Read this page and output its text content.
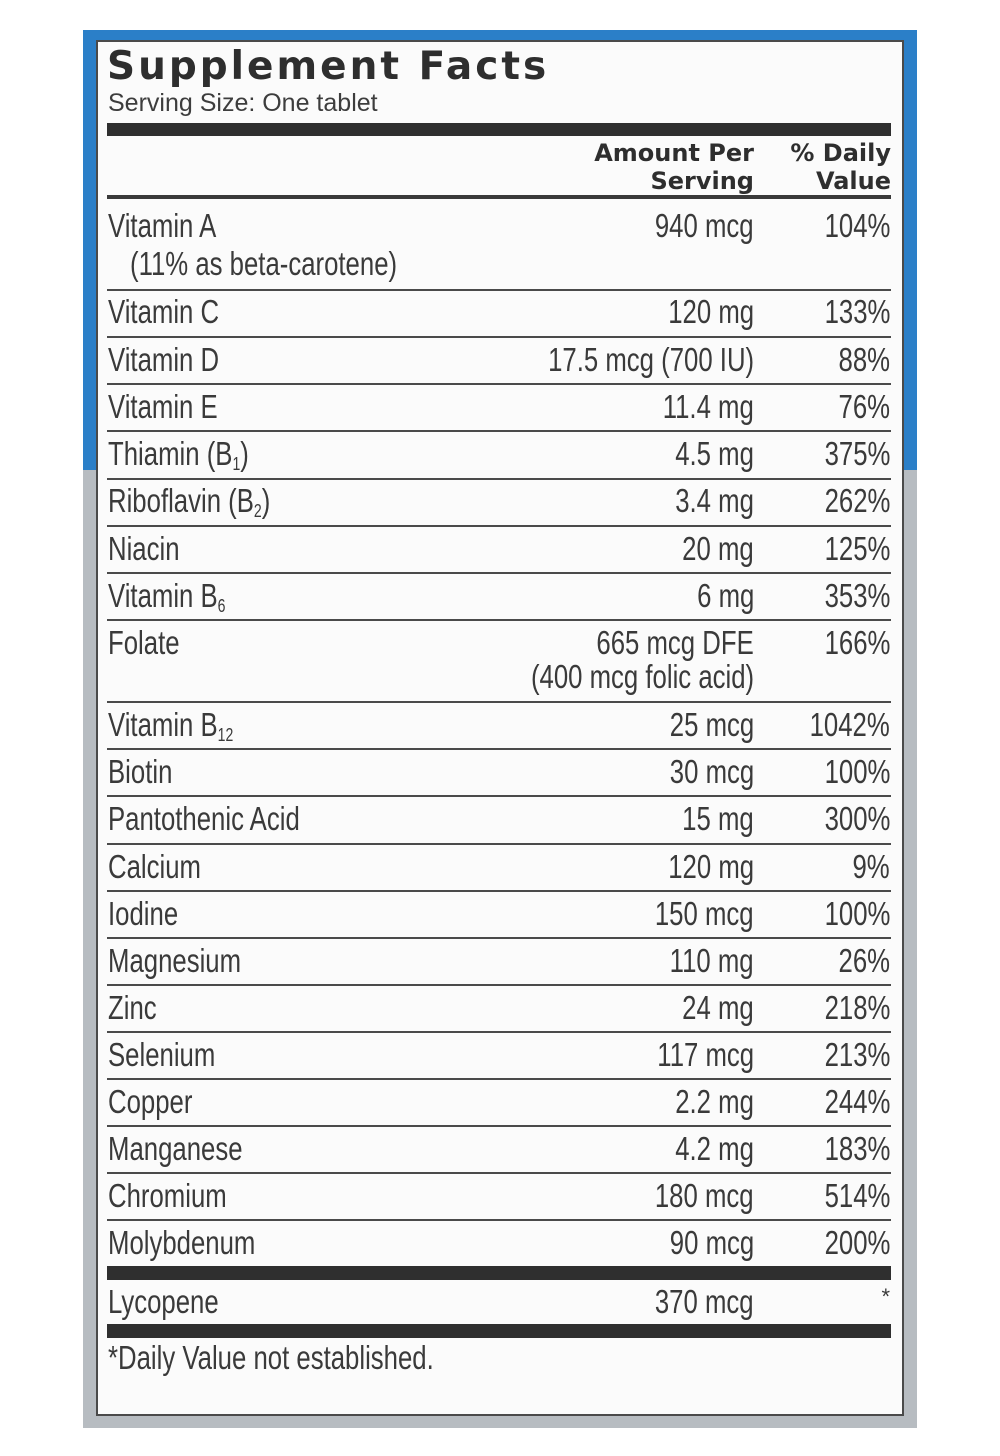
Supplement Facts
Serving Size: One tablet
Amount Per
Serving
% Daily
Value
Vitamin A	940 mcg 104%
(11% as beta-carotene)
Vitamin C	120 mg 133%
Vitamin D	17.5 mcg (700 IU)	88%
Vitamin E	11.4 mg	76%
Thiamin $(B_1)$	4.5 mg 375%
Riboflavin $(B_2)$	3.4 mg 262%
Niacin	20 mg 125%
Vitamin $B_6$	6 mg 353%
Folate	665 mcg DFE 166%
(400 mcg folic acid)
Vitamin $B_{12}$	25 mcg 1042%
Biotin	30 mcg 100%
Pantothenic Acid	15 mg 300%
Calcium	120 mg	9%
Iodine	150 mcg 100%
Magnesium	110 mg	26%
Zinc	24 mg 218%
Selenium	117 mcg 213%
Copper	2.2 mg 244%
Manganese	4.2 mg 183%
Chromium	180 mcg 514%
Molybdenum	90 mcg 200%
Lycopene	370 mcg	*
*Daily Value not established.
